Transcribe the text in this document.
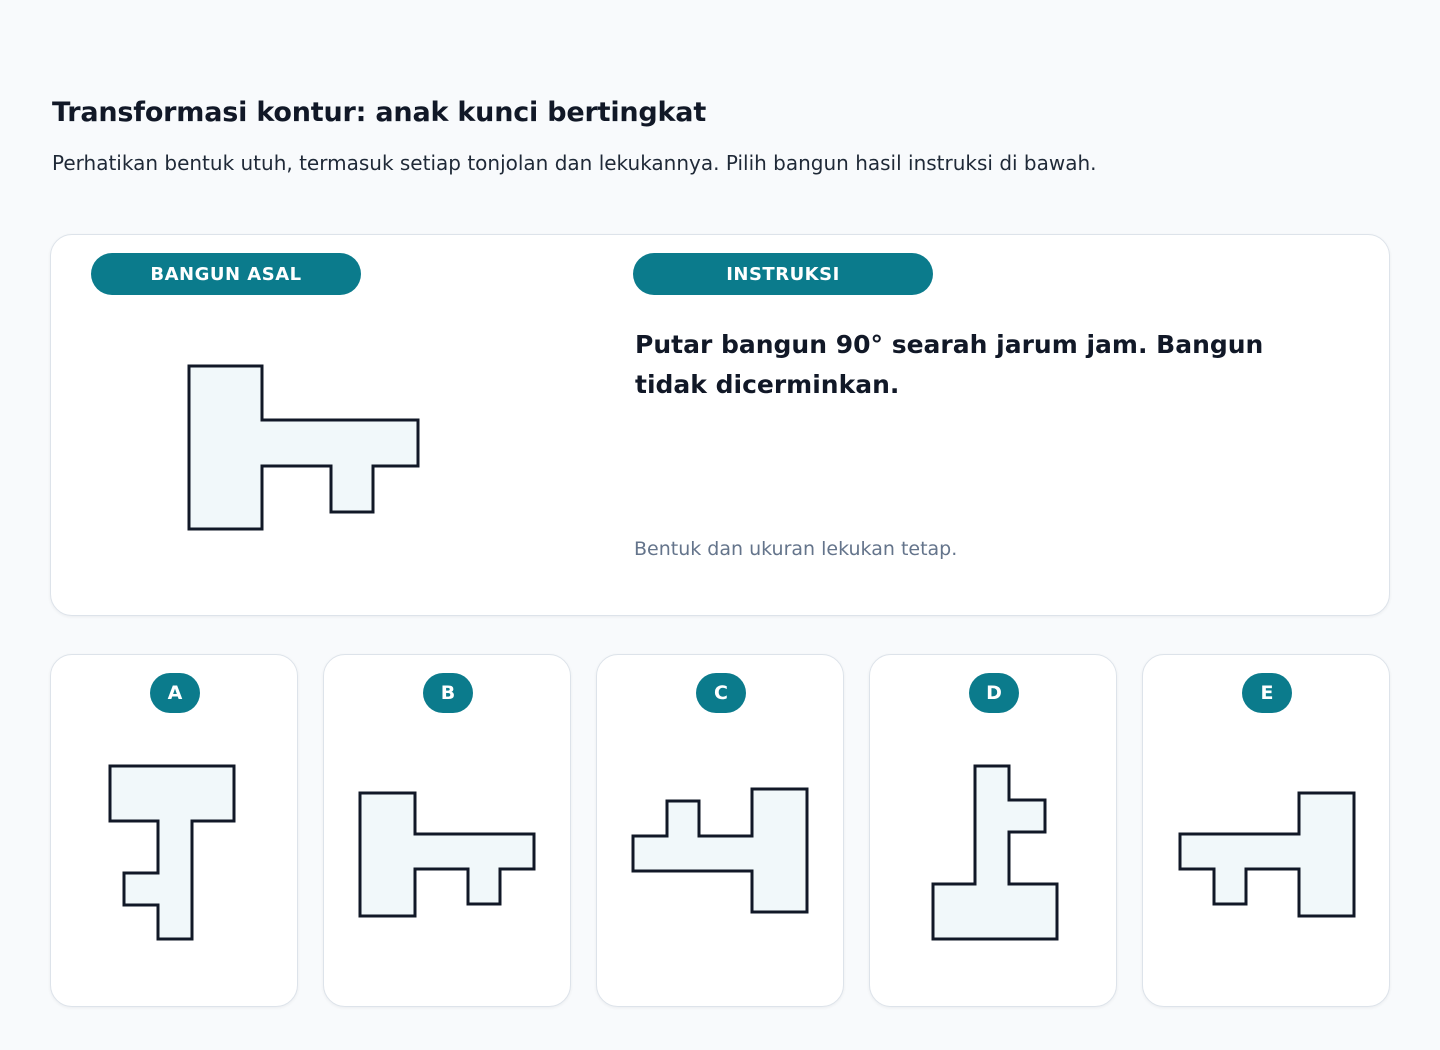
Transformasi kontur: anak kunci bertingkat

Perhatikan bentuk utuh, termasuk setiap tonjolan dan lekukannya. Pilih bangun hasil instruksi di bawah.

BANGUN ASAL	INSTRUKSI

Putar bangun 90° searah jarum jam. Bangun tidak dicerminkan.

Bentuk dan ukuran lekukan tetap.

A	B	C	D	E
